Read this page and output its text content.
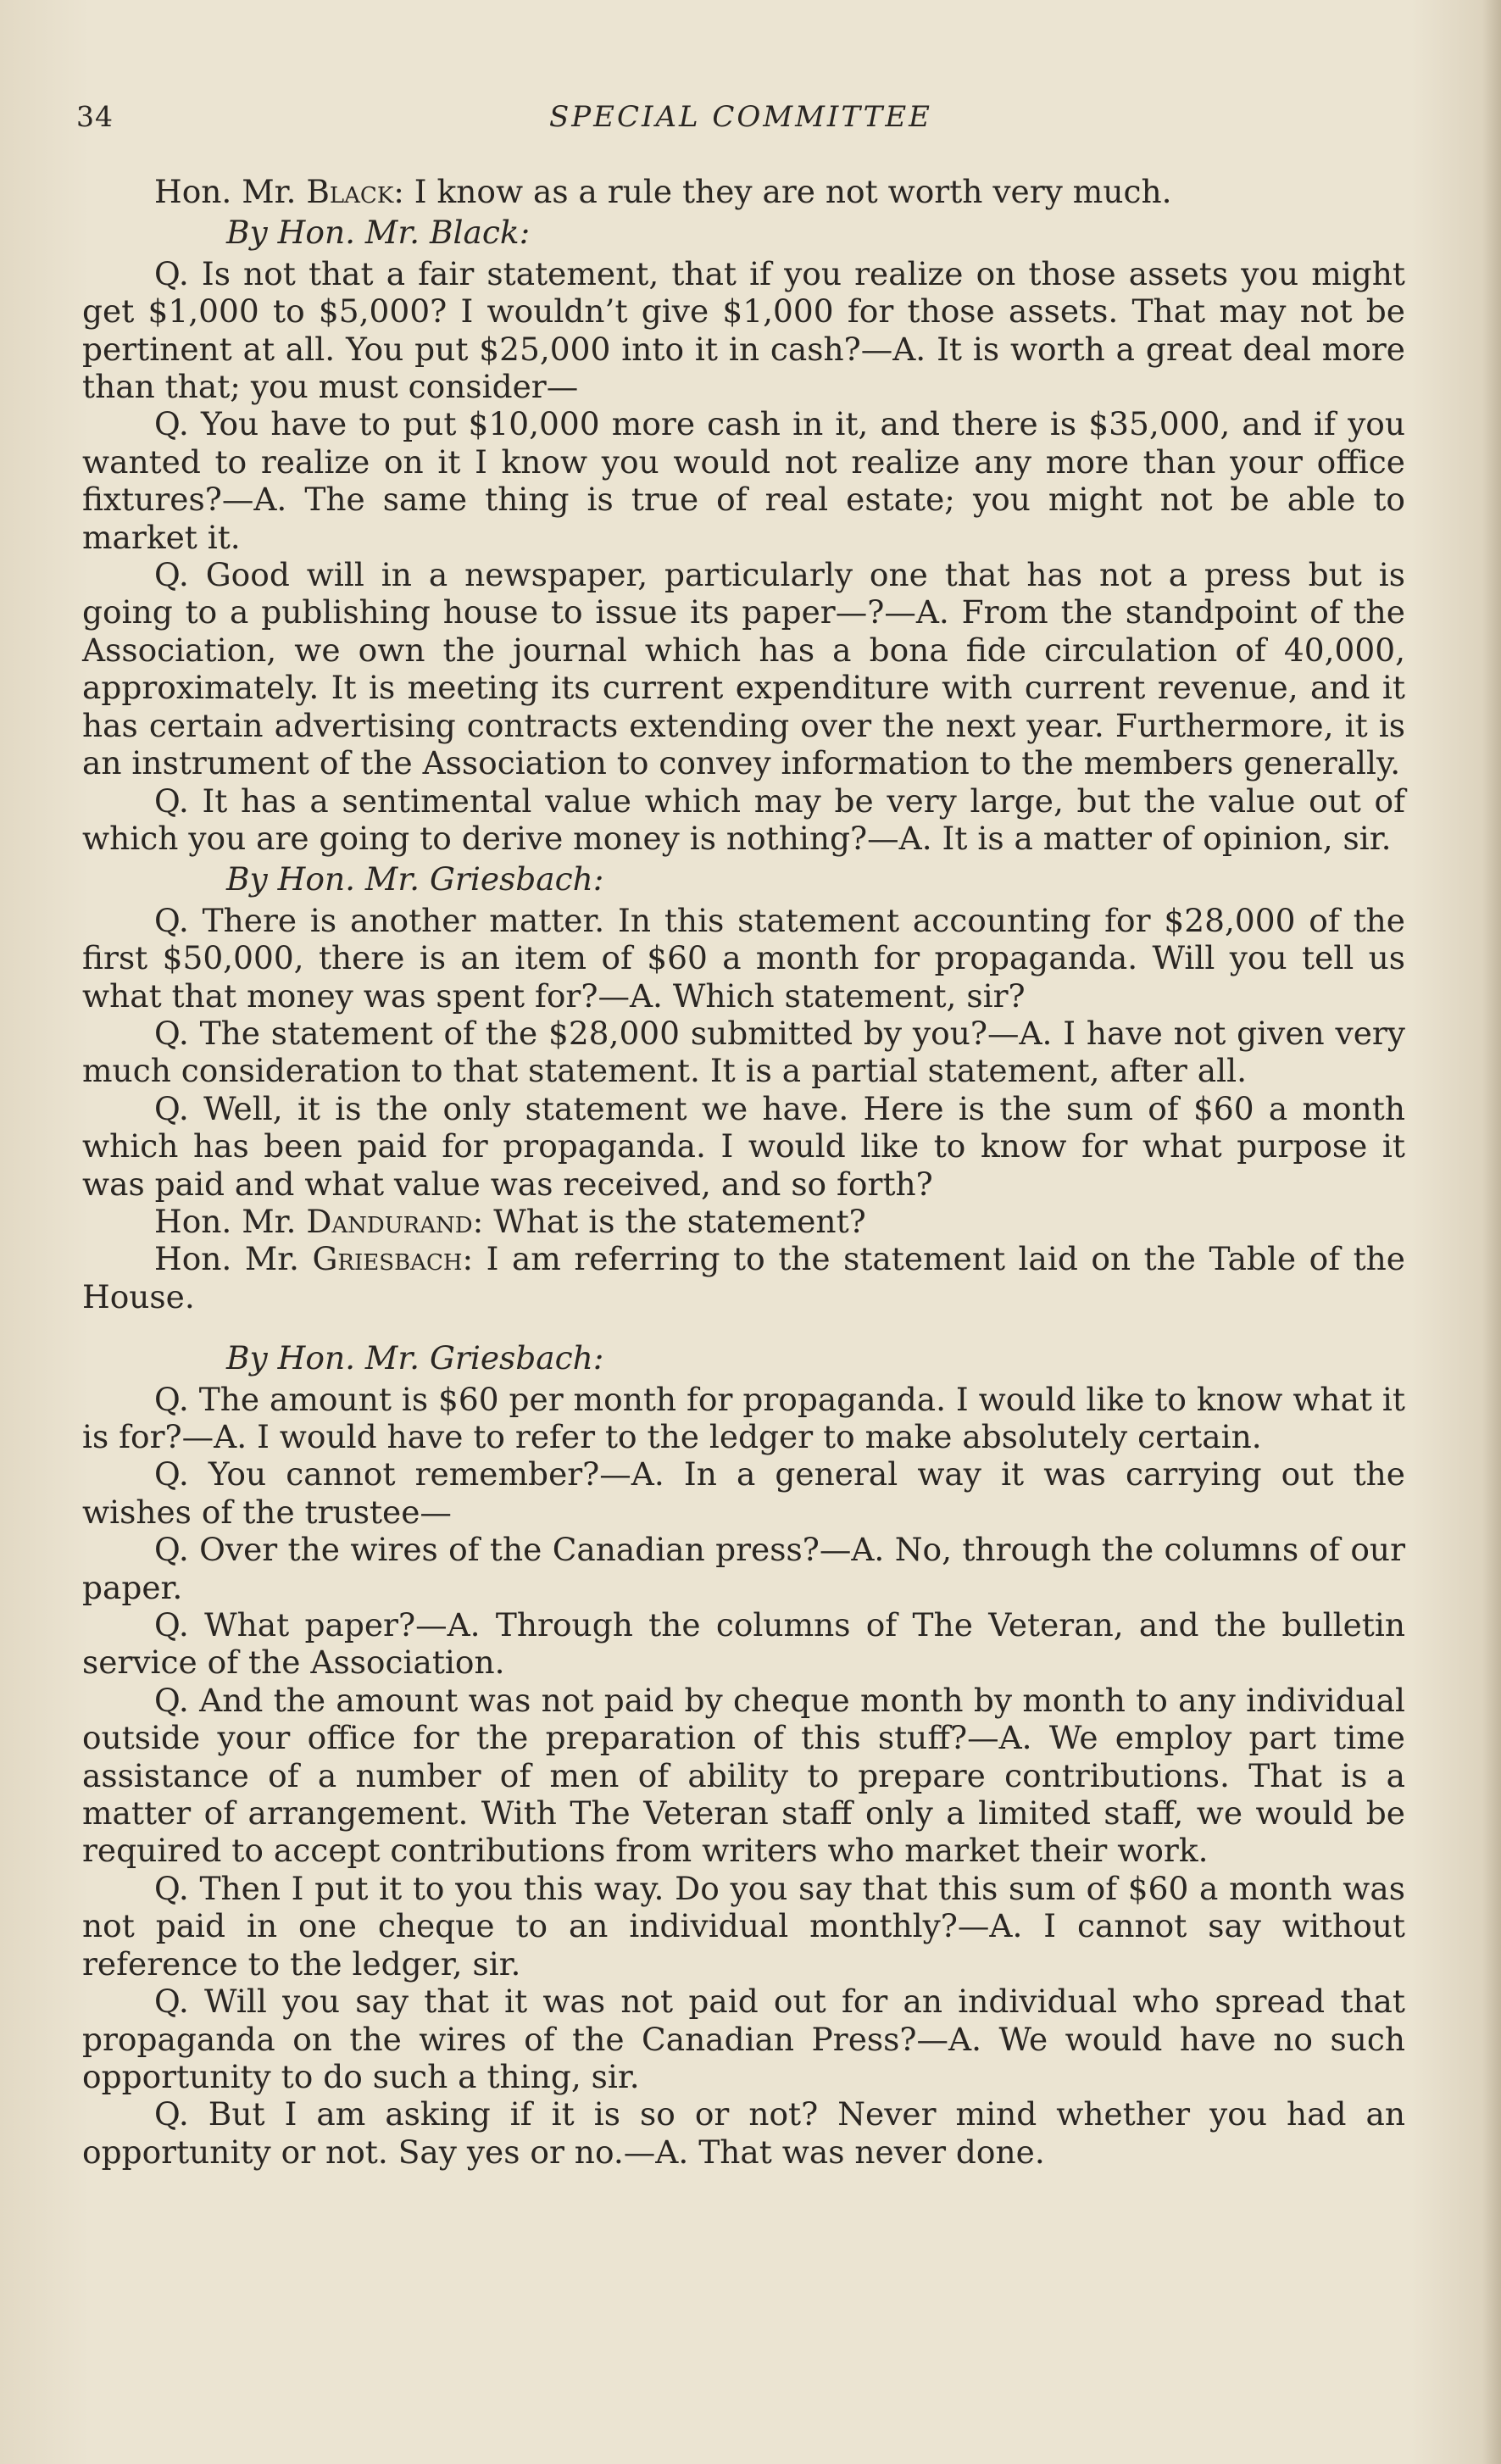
34	SPECIAL COMMITTEE

Hon. Mr. Black: I know as a rule they are not worth very much.

By Hon. Mr. Black:

Q. Is not that a fair statement, that if you realize on those assets you might get $1,000 to $5,000? I wouldn’t give $1,000 for those assets. That may not be pertinent at all. You put $25,000 into it in cash?—A. It is worth a great deal more than that; you must consider—

Q. You have to put $10,000 more cash in it, and there is $35,000, and if you wanted to realize on it I know you would not realize any more than your office fixtures?—A. The same thing is true of real estate; you might not be able to market it.

Q. Good will in a newspaper, particularly one that has not a press but is going to a publishing house to issue its paper—?—A. From the standpoint of the Association, we own the journal which has a bona fide circulation of 40,000, approximately. It is meeting its current expenditure with current revenue, and it has certain advertising contracts extending over the next year. Furthermore, it is an instrument of the Association to convey information to the members generally.

Q. It has a sentimental value which may be very large, but the value out of which you are going to derive money is nothing?—A. It is a matter of opinion, sir.

By Hon. Mr. Griesbach:

Q. There is another matter. In this statement accounting for $28,000 of the first $50,000, there is an item of $60 a month for propaganda. Will you tell us what that money was spent for?—A. Which statement, sir?

Q. The statement of the $28,000 submitted by you?—A. I have not given very much consideration to that statement. It is a partial statement, after all.

Q. Well, it is the only statement we have. Here is the sum of $60 a month which has been paid for propaganda. I would like to know for what purpose it was paid and what value was received, and so forth?

Hon. Mr. Dandurand: What is the statement?

Hon. Mr. Griesbach: I am referring to the statement laid on the Table of the House.

By Hon. Mr. Griesbach:

Q. The amount is $60 per month for propaganda. I would like to know what it is for?—A. I would have to refer to the ledger to make absolutely certain.

Q. You cannot remember?—A. In a general way it was carrying out the wishes of the trustee—

Q. Over the wires of the Canadian press?—A. No, through the columns of our paper.

Q. What paper?—A. Through the columns of The Veteran, and the bulletin service of the Association.

Q. And the amount was not paid by cheque month by month to any individual outside your office for the preparation of this stuff?—A. We employ part time assistance of a number of men of ability to prepare contributions. That is a matter of arrangement. With The Veteran staff only a limited staff, we would be required to accept contributions from writers who market their work.

Q. Then I put it to you this way. Do you say that this sum of $60 a month was not paid in one cheque to an individual monthly?—A. I cannot say without reference to the ledger, sir.

Q. Will you say that it was not paid out for an individual who spread that propaganda on the wires of the Canadian Press?—A. We would have no such opportunity to do such a thing, sir.

Q. But I am asking if it is so or not? Never mind whether you had an opportunity or not. Say yes or no.—A. That was never done.
